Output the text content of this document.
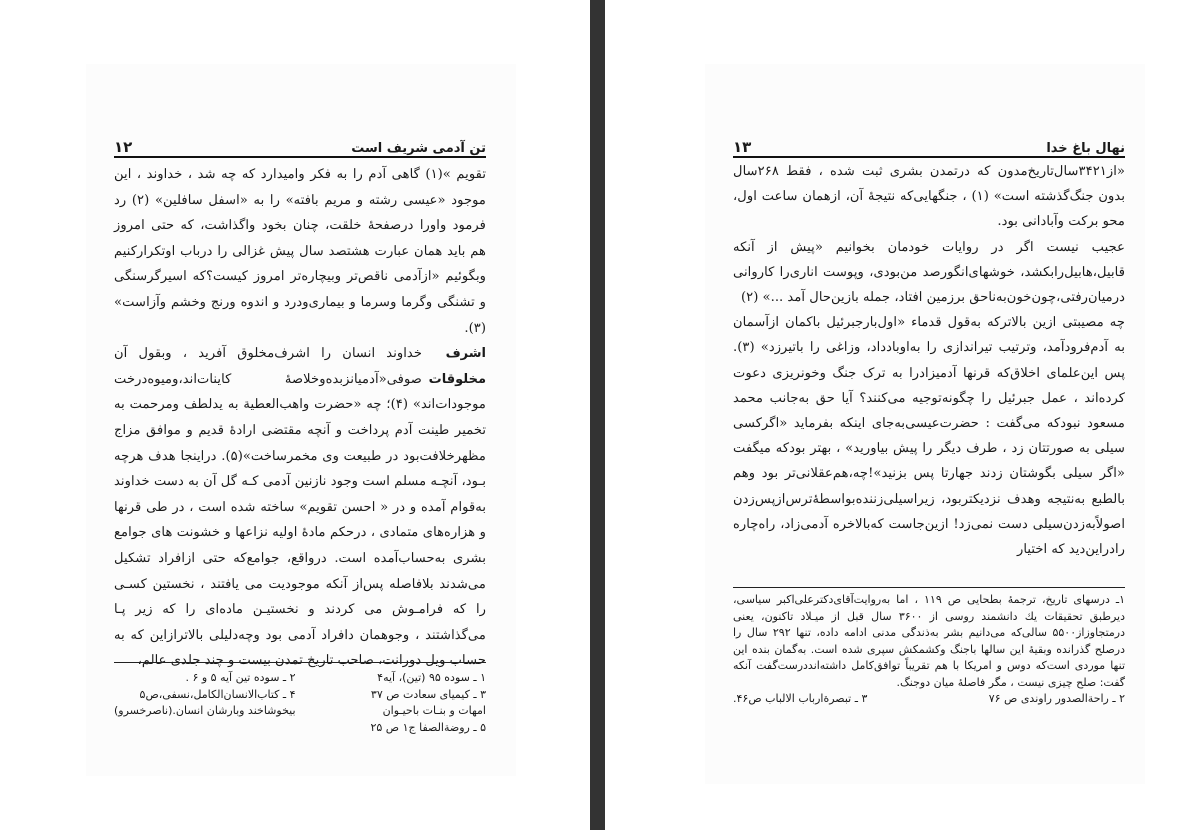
۱۲	تن آدمی شریف است

تقویم »(۱) گاهی آدم را به فکر وامیدارد که چه شد ، خداوند ، این موجود «عیسی رشته و مریم بافته» را به «اسفل سافلین» (۲) رد فرمود واورا درصفحهٔ خلقت، چنان بخود واگذاشت، که حتی امروز هم باید همان عبارت هشتصد سال پیش غزالی را درباب اوتکرارکنیم وبگوئیم «ازآدمی ناقص‌تر وبیچاره‌تر امروز کیست؟که اسیرگرسنگی و تشنگی وگرما وسرما و بیماری‌ودرد و اندوه ورنج وخشم وآزاست» (۳).

اشرف
مخلوقات

خداوند انسان را اشرف‌مخلوق آفرید ، وبقول آن صوفی«آدمیانزبده‌وخلاصهٔ کاینات‌اند،ومیوه‌درخت موجودات‌اند» (۴)؛ چه «حضرت واهب‌العطیة به یدلطف ومرحمت به تخمیر طینت آدم پرداخت و آنچه مقتضی ارادهٔ قدیم و موافق مزاج مظهرخلافت‌بود در طبیعت وی مخمرساخت»(۵). دراینجا هدف هرچه بـود، آنچـه مسلم است وجود نازنین آدمی کـه گل آن به دست خداوند به‌قوام آمده و در « احسن تقویم» ساخته شده است ، در طی قرنها و هزاره‌های متمادی ، درحکم مادهٔ اولیه نزاعها و خشونت های جوامع بشری به‌حساب‌آمده است. درواقع، جوامع‌که حتی ازافراد تشکیل می‌شدند بلافاصله پس‌از آنکه موجودیت می یافتند ، نخستین کسـی را که فرامـوش می کردند و نخستیـن ماده‌ای را که زیر پـا می‌گذاشتند ، وجوهمان دافراد آدمی بود وچه‌دلیلی بالاترازاین که به حساب ویل دورانت، صاحب تاریخ تمدن بیست و چند جلدی عالم،

۱ ـ سوده ۹۵ (تین)، آیه۴
۲ ـ سوده تین آیه ۵ و ۶ .
۳ ـ کیمیای سعادت ص ۳۷
۴ ـ کتاب‌الانسان‌الکامل،نسفی،ص۵
امهات و بنـات باحیـوان
بیخوشاخند وبارشان انسان.(ناصرخسرو)
۵ ـ روضةالصفا ج۱ ص ۲۵
۱۳	نهال باغ خدا

«از۳۴۲۱سال‌تاریخ‌مدون که درتمدن بشری ثبت شده ، فقط ۲۶۸سال بدون جنگ‌گذشته است» (۱) ، جنگهایی‌که نتیجهٔ آن، ازهمان ساعت اول، محو برکت وآبادانی بود.

عجیب نیست اگر در روایات خودمان بخوانیم «پیش از آنکه قابیل،هابیل‌رابکشد، خوشهای‌انگورصد من‌بودی، وپوست اناری‌را کاروانی درمیان‌رفتی،چون‌خون‌به‌ناحق برزمین افتاد، جمله بازین‌حال آمد ...» (۲)

چه مصیبتی ازین بالاترکه به‌قول قدماء «اول‌بارجبرئیل باکمان ازآسمان به آدم‌فرودآمد، وترتیب تیراندازی را به‌اوبادداد، وزاغی را باتیرزد» (۳). پس این‌علمای اخلاق‌که قرنها آدمیزادرا به ترک جنگ وخونریزی دعوت کرده‌اند ، عمل جبرئیل را چگونه‌توجیه می‌کنند؟ آیا حق به‌جانب محمد مسعود نبودکه می‌گفت : حضرت‌عیسی‌به‌جای اینکه بفرماید «اگرکسی سیلی به صورتتان زد ، طرف دیگر را پیش بیاورید» ، بهتر بودکه میگفت «اگر سیلی بگوشتان زدند جهارتا پس بزنید»!چه،هم‌عقلانی‌تر بود وهم بالطبع به‌نتیجه وهدف نزدیکتربود، زیراسیلی‌زننده‌بواسطهٔ‌ترس‌ازپس‌زدن اصولاً‌به‌زدن‌سیلی دست نمی‌زد! ازین‌جاست که‌بالاخره آدمی‌زاد، راه‌چاره رادراین‌دید که اختیار

۱ـ درسهای تاریخ، ترجمهٔ بطحایی ص ۱۱۹ ، اما به‌روایت‌آقای‌دکترعلی‌اکبر سیاسی، ‌دیرطبق تحقیقات یك دانشمند روسی از ۳۶۰۰ سال قبل از میـلاد تاکنون، یعنی درمتجاوزاز۵۵۰۰ سالی‌که می‌دانیم بشر به‌ذندگی مدنی ادامه داده، تنها ۲۹۲ سال را درصلح گذرانده وبقیهٔ این سالها باجنگ وکشمکش سپری شده است. به‌گمان بنده این تنها موردی است‌که دوس و امریکا با هم تقریباً توافق‌کامل داشته‌اند‌درست‌گفت آنکه گفت: صلح چیزی نیست ، مگر فاصلهٔ میان دوجنگ.
۲ ـ راحة‌الصدور راوندی ص ۷۶
۳ ـ تبصرة‌ارباب الالباب ص۴۶.
